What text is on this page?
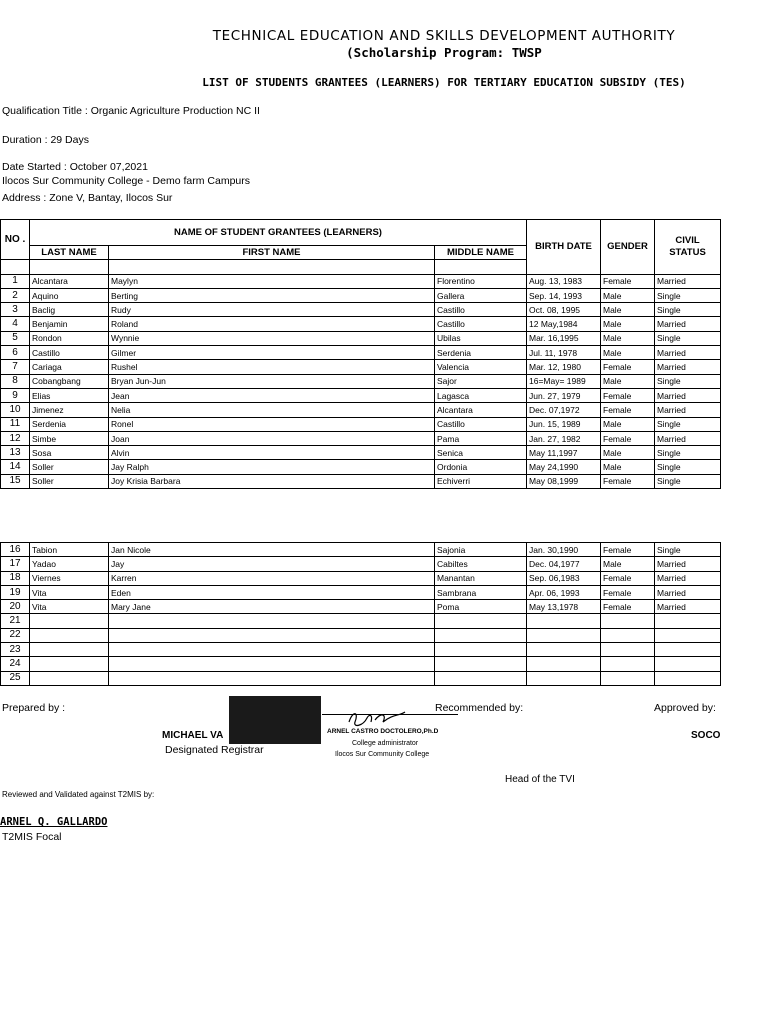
TECHNICAL EDUCATION AND SKILLS DEVELOPMENT AUTHORITY
(Scholarship Program: TWSP
LIST OF STUDENTS GRANTEES (LEARNERS) FOR TERTIARY EDUCATION SUBSIDY (TES)
Qualification Title : Organic Agriculture Production NC II
Duration : 29 Days
Date Started : October 07,2021
Ilocos Sur Community College - Demo farm Campurs
Address : Zone V, Bantay, Ilocos Sur
NO .	NAME OF STUDENT GRANTEES (LEARNERS)			BIRTH DATE	GENDER	CIVIL STATUS
	LAST NAME	FIRST NAME	MIDDLE NAME			

1	Alcantara	Maylyn	Florentino	Aug. 13, 1983	Female	Married
2	Aquino	Berting	Gallera	Sep. 14, 1993	Male	Single
3	Baclig	Rudy	Castillo	Oct. 08, 1995	Male	Single
4	Benjamin	Roland	Castillo	12 May,1984	Male	Married
5	Rondon	Wynnie	Ubilas	Mar. 16,1995	Male	Single
6	Castillo	Gilmer	Serdenia	Jul. 11, 1978	Male	Married
7	Cariaga	Rushel	Valencia	Mar. 12, 1980	Female	Married
8	Cobangbang	Bryan Jun-Jun	Sajor	16=May= 1989	Male	Single
9	Elias	Jean	Lagasca	Jun. 27, 1979	Female	Married
10	Jimenez	Nelia	Alcantara	Dec. 07,1972	Female	Married
11	Serdenia	Ronel	Castillo	Jun. 15, 1989	Male	Single
12	Simbe	Joan	Pama	Jan. 27, 1982	Female	Married
13	Sosa	Alvin	Senica	May 11,1997	Male	Single
14	Soller	Jay Ralph	Ordonia	May 24,1990	Male	Single
15	Soller	Joy Krisia Barbara	Echiverri	May 08,1999	Female	Single
16	Tabion	Jan Nicole	Sajonia	Jan. 30,1990	Female	Single
17	Yadao	Jay	Cabiltes	Dec. 04,1977	Male	Married
18	Viernes	Karren	Manantan	Sep. 06,1983	Female	Married
19	Vita	Eden	Sambrana	Apr. 06, 1993	Female	Married
20	Vita	Mary Jane	Poma	May 13,1978	Female	Married
21						
22						
23						
24						
25						
Prepared by :	Recommended by:	Approved by:
MICHAEL VA	ARNEL CASTRO DOCTOLERO,Ph.D
College administrator
Ilocos Sur Community College
SOCO
Designated Registrar
Head of the TVI
Reviewed and Validated against T2MIS by:
ARNEL Q. GALLARDO
T2MIS Focal
